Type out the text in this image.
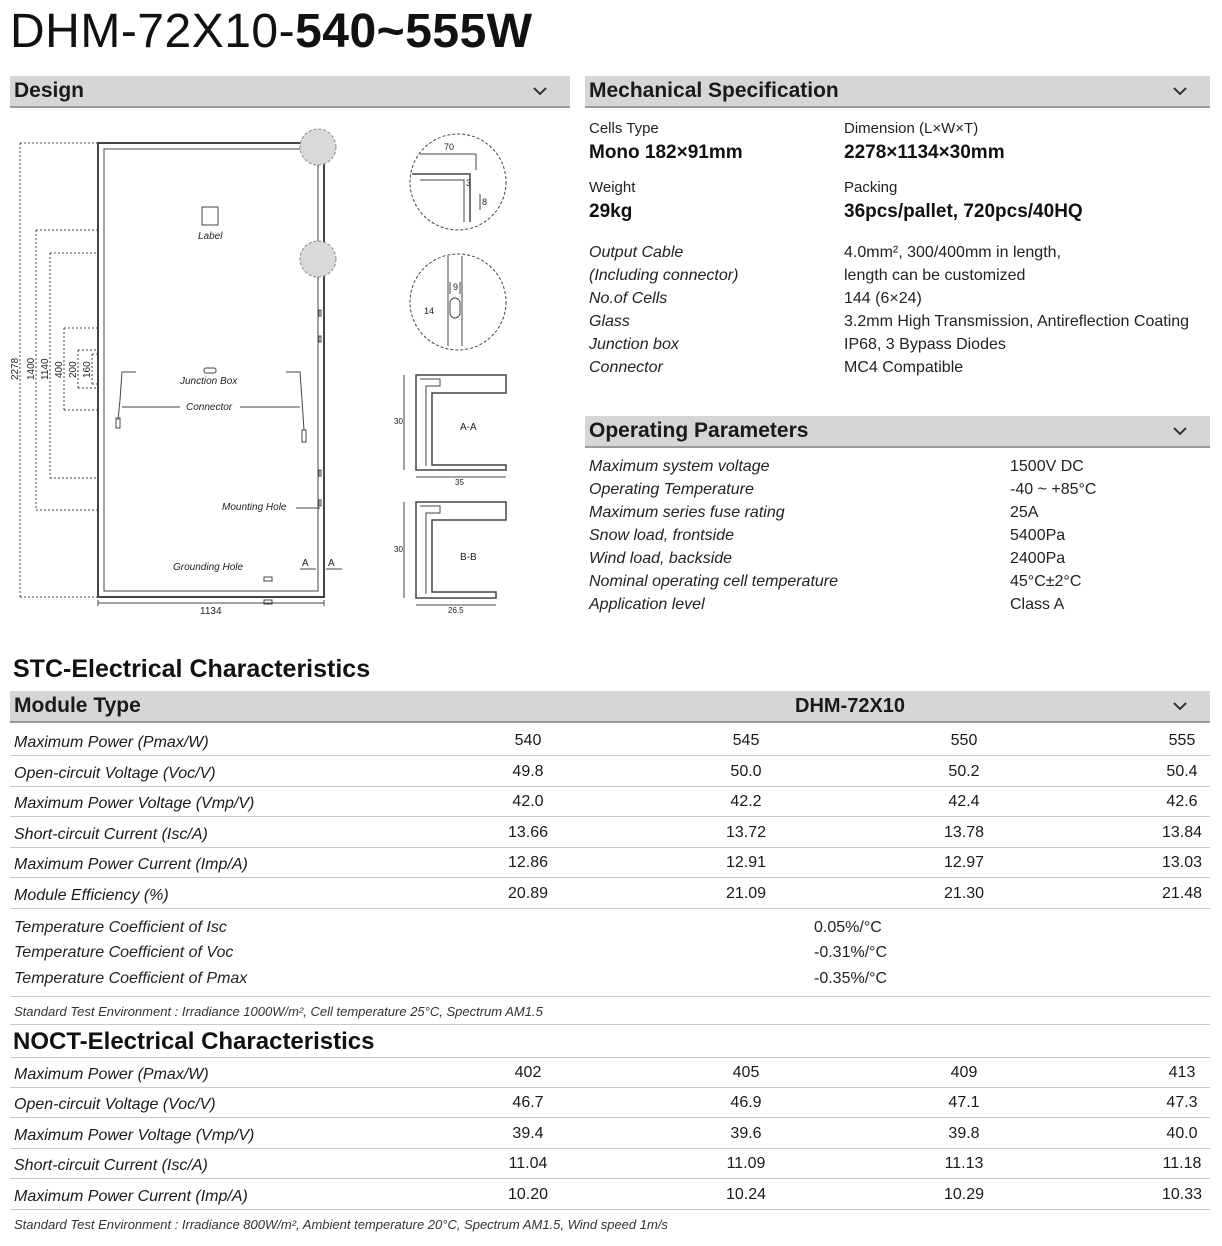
DHM-72X10-540~555W
Design	Mechanical Specification
Label
Junction Box
Connector
Mounting Hole
Grounding Hole
1134
A A
A-A
B-B
70
8
3
14
9
30
35
30
26.5
2278 1400 1140 400 200 160
Cells Type
Mono 182×91mm
Dimension (L×W×T)
2278×1134×30mm
Weight
29kg
Packing
36pcs/pallet, 720pcs/40HQ
Output Cable	4.0mm², 300/400mm in length,
(Including connector)	length can be customized
No.of Cells	144 (6×24)
Glass	3.2mm High Transmission, Antireflection Coating
Junction box	IP68, 3 Bypass Diodes
Connector	MC4 Compatible
Operating Parameters
Maximum system voltage	1500V DC
Operating Temperature	-40 ~ +85°C
Maximum series fuse rating	25A
Snow load, frontside	5400Pa
Wind load, backside	2400Pa
Nominal operating cell temperature	45°C±2°C
Application level	Class A
STC-Electrical Characteristics
Module Type	DHM-72X10
Maximum Power (Pmax/W)	540	545	550	555
Open-circuit Voltage (Voc/V)	49.8	50.0	50.2	50.4
Maximum Power Voltage (Vmp/V)	42.0	42.2	42.4	42.6
Short-circuit Current (Isc/A)	13.66	13.72	13.78	13.84
Maximum Power Current (Imp/A)	12.86	12.91	12.97	13.03
Module Efficiency (%)	20.89	21.09	21.30	21.48
Temperature Coefficient of Isc	0.05%/°C
Temperature Coefficient of Voc	-0.31%/°C
Temperature Coefficient of Pmax	-0.35%/°C
Standard Test Environment : Irradiance 1000W/m², Cell temperature 25°C, Spectrum AM1.5
NOCT-Electrical Characteristics
Maximum Power (Pmax/W)	402	405	409	413
Open-circuit Voltage (Voc/V)	46.7	46.9	47.1	47.3
Maximum Power Voltage (Vmp/V)	39.4	39.6	39.8	40.0
Short-circuit Current (Isc/A)	11.04	11.09	11.13	11.18
Maximum Power Current (Imp/A)	10.20	10.24	10.29	10.33
Standard Test Environment : Irradiance 800W/m², Ambient temperature 20°C, Spectrum AM1.5, Wind speed 1m/s
